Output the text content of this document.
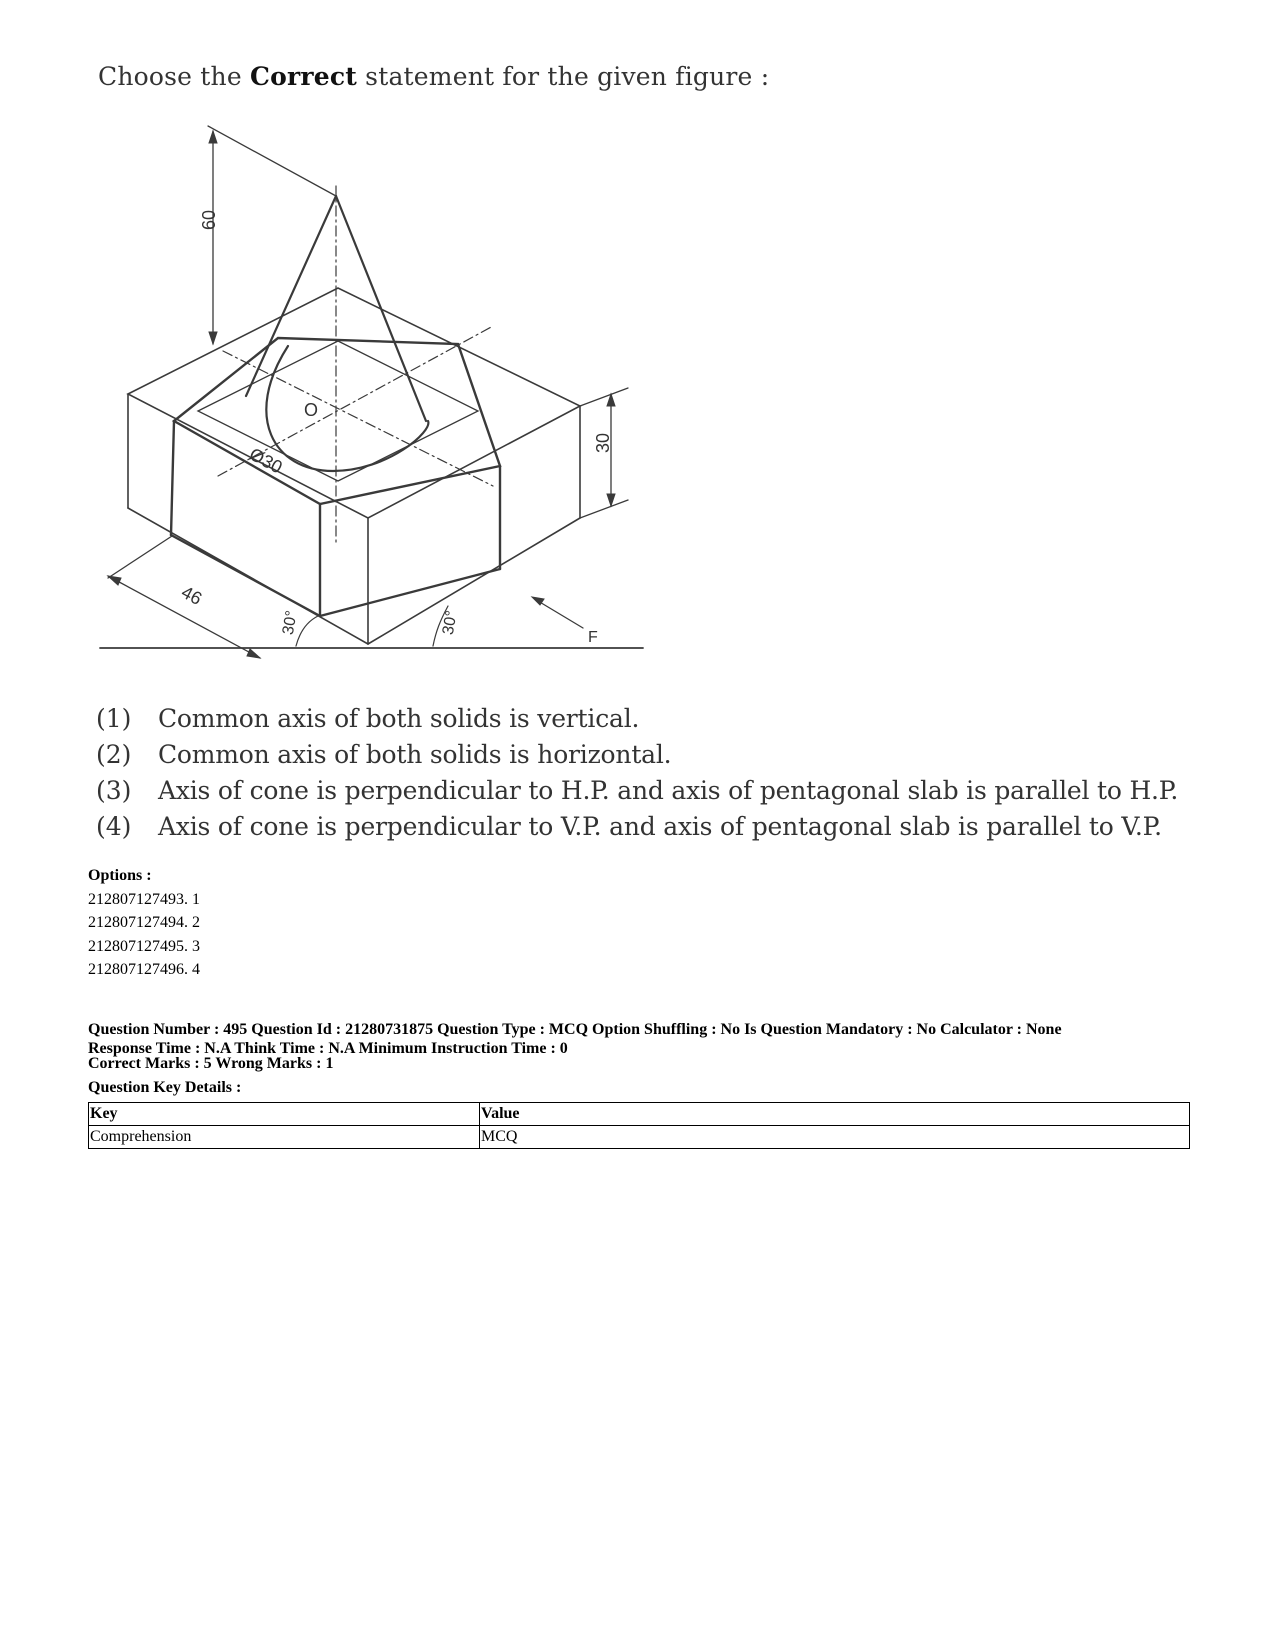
Choose the Correct statement for the given figure :
60
O
Ø30
30
46
30°	30°
F
(1) Common axis of both solids is vertical.
(2) Common axis of both solids is horizontal.
(3) Axis of cone is perpendicular to H.P. and axis of pentagonal slab is parallel to H.P.
(4) Axis of cone is perpendicular to V.P. and axis of pentagonal slab is parallel to V.P.
Options :
212807127493. 1
212807127494. 2
212807127495. 3
212807127496. 4
Question Number : 495 Question Id : 21280731875 Question Type : MCQ Option Shuffling : No Is Question Mandatory : No Calculator : None
Response Time : N.A Think Time : N.A Minimum Instruction Time : 0
Correct Marks : 5 Wrong Marks : 1
Question Key Details :
Key	Value
Comprehension	MCQ
